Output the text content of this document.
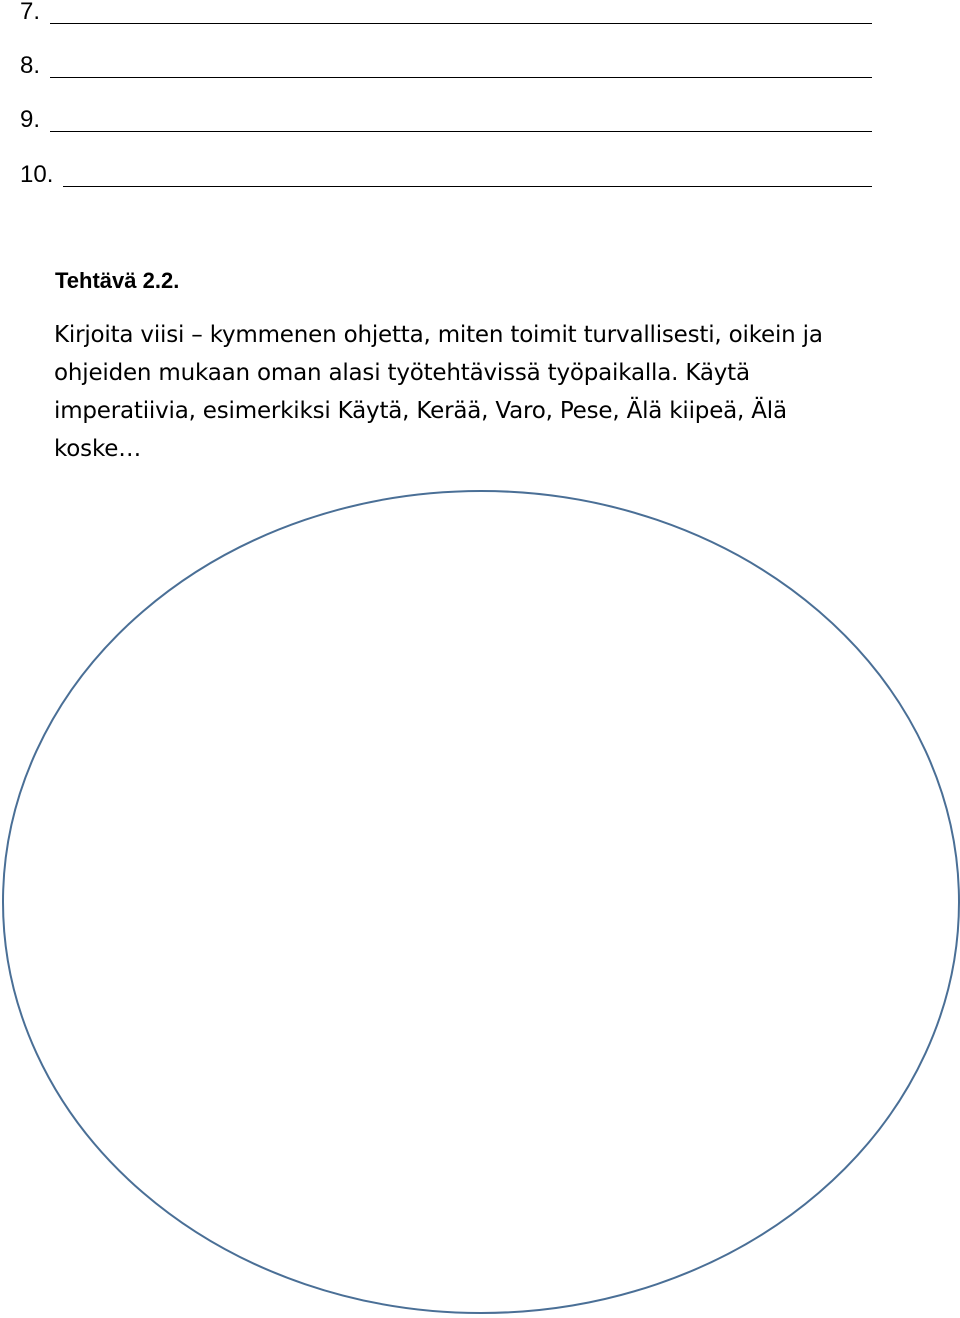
7.
8.
9.
10.
Tehtävä 2.2.

Kirjoita viisi – kymmenen ohjetta, miten toimit turvallisesti, oikein ja
ohjeiden mukaan oman alasi työtehtävissä työpaikalla. Käytä
imperatiivia, esimerkiksi Käytä, Kerää, Varo, Pese, Älä kiipeä, Älä
koske…
